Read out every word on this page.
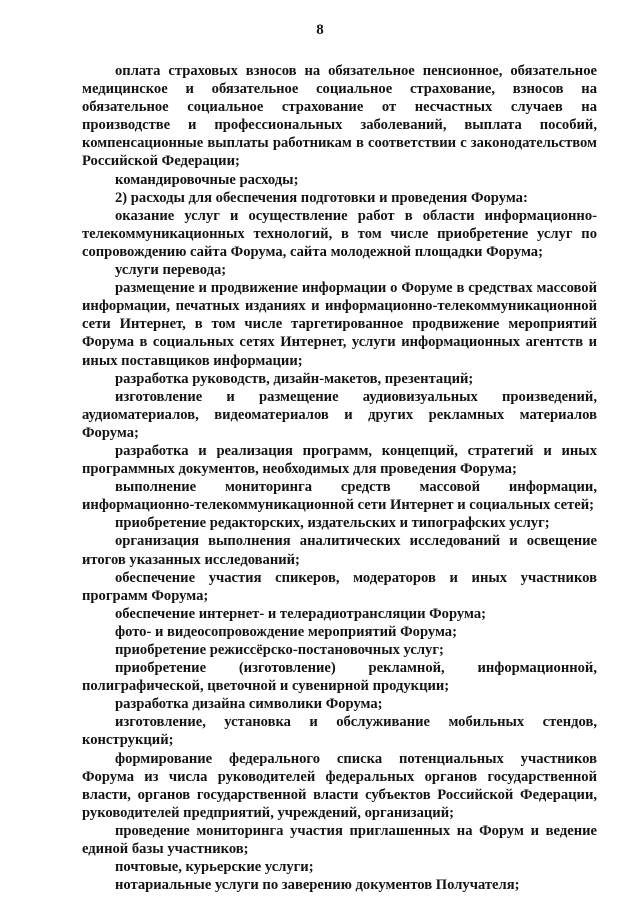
8

оплата страховых взносов на обязательное пенсионное, обязательное медицинское и обязательное социальное страхование, взносов на обязательное социальное страхование от несчастных случаев на производстве и профессиональных заболеваний, выплата пособий, компенсационные выплаты работникам в соответствии с законодательством Российской Федерации;

командировочные расходы;

2) расходы для обеспечения подготовки и проведения Форума:

оказание услуг и осуществление работ в области информационно-телекоммуникационных технологий, в том числе приобретение услуг по сопровождению сайта Форума, сайта молодежной площадки Форума;

услуги перевода;

размещение и продвижение информации о Форуме в средствах массовой информации, печатных изданиях и информационно-телекоммуникационной сети Интернет, в том числе таргетированное продвижение мероприятий Форума в социальных сетях Интернет, услуги информационных агентств и иных поставщиков информации;

разработка руководств, дизайн-макетов, презентаций;

изготовление и размещение аудиовизуальных произведений, аудиоматериалов, видеоматериалов и других рекламных материалов Форума;

разработка и реализация программ, концепций, стратегий и иных программных документов, необходимых для проведения Форума;

выполнение мониторинга средств массовой информации, информационно-телекоммуникационной сети Интернет и социальных сетей;

приобретение редакторских, издательских и типографских услуг;

организация выполнения аналитических исследований и освещение итогов указанных исследований;

обеспечение участия спикеров, модераторов и иных участников программ Форума;

обеспечение интернет- и телерадиотрансляции Форума;

фото- и видеосопровождение мероприятий Форума;

приобретение режиссёрско-постановочных услуг;

приобретение (изготовление) рекламной, информационной, полиграфической, цветочной и сувенирной продукции;

разработка дизайна символики Форума;

изготовление, установка и обслуживание мобильных стендов, конструкций;

формирование федерального списка потенциальных участников Форума из числа руководителей федеральных органов государственной власти, органов государственной власти субъектов Российской Федерации, руководителей предприятий, учреждений, организаций;

проведение мониторинга участия приглашенных на Форум и ведение единой базы участников;

почтовые, курьерские услуги;

нотариальные услуги по заверению документов Получателя;
